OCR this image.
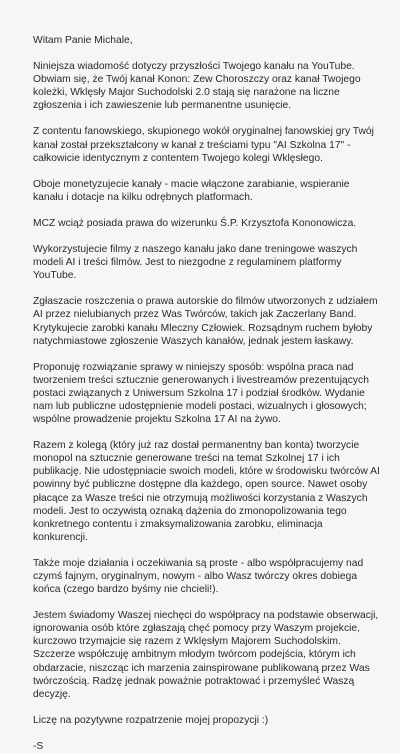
Witam Panie Michale,

Niniejsza wiadomość dotyczy przyszłości Twojego kanału na YouTube. Obwiam się, że Twój kanał Konon: Zew Choroszczy oraz kanał Twojego kolеżki, Wklęsły Major Suchodolski 2.0 stają się narażone na liczne zgłoszenia i ich zawieszenie lub permanentne usunięcie.

Z contentu fanowskiego, skupionego wokół oryginalnej fanowskiej gry Twój kanał został przekształcony w kanał z treściami typu "AI Szkolna 17" - całkowicie identycznym z contentem Twojego kolegi Wklęsłego.

Oboje monetyzujecie kanały - macie włączone zarabianie, wspieranie kanału i dotacje na kilku odrębnych platformach.

MCZ wciąż posiada prawa do wizerunku Ś.P. Krzysztofa Kononowicza.

Wykorzystujecie filmy z naszego kanału jako dane treningowe waszych modeli AI i treści filmów. Jest to niezgodne z regulaminem platformy YouTube.

Zgłaszacie roszczenia o prawa autorskie do filmów utworzonych z udziałem AI przez nielubianych przez Was Twórców, takich jak Zaczerlany Band. Krytykujecie zarobki kanału Mleczny Człowiek. Rozsądnym ruchem byłoby natychmiastowe zgłoszenie Waszych kanałów, jednak jestem łaskawy.

Proponuję rozwiązanie sprawy w niniejszy sposób: wspólna praca nad tworzeniem treści sztucznie generowanych i livestreamów prezentujących postaci związanych z Uniwersum Szkolna 17 i podział środków. Wydanie nam lub publiczne udostępnienie modeli postaci, wizualnych i głosowych; wspólne prowadzenie projektu Szkolna 17 AI na żywo.

Razem z kolegą (który już raz dostał permanentny ban konta) tworzycie monopol na sztucznie generowane treści na temat Szkolnej 17 i ich publikację. Nie udostępniacie swoich modeli, które w środowisku twórców AI powinny być publiczne dostępne dla każdego, open source. Nawet osoby płacące za Wasze treści nie otrzymują możliwości korzystania z Waszych modeli. Jest to oczywistą oznaką dążenia do zmonopolizowania tego konkretnego contentu i zmaksymalizowania zarobku, eliminacja konkurencji.

Także moje działania i oczekiwania są proste - albo współpracujemy nad czymś fajnym, oryginalnym, nowym - albo Wasz twórczy okres dobiega końca (czego bardzo byśmy nie chcieli!).

Jestem świadomy Waszej niechęci do współpracy na podstawie obserwacji, ignorowania osób które zgłaszają chęć pomocy przy Waszym projekcie, kurczowo trzymajcie się razem z Wklęsłym Majorem Suchodolskim. Szczerze współczuję ambitnym młodym twórcom podejścia, którym ich obdarzacie, niszcząc ich marzenia zainspirowane publikowaną przez Was twórczością. Radzę jednak poważnie potraktować i przemyśleć Waszą decyzję.

Liczę na pozytywne rozpatrzenie mojej propozycji :)

-S
